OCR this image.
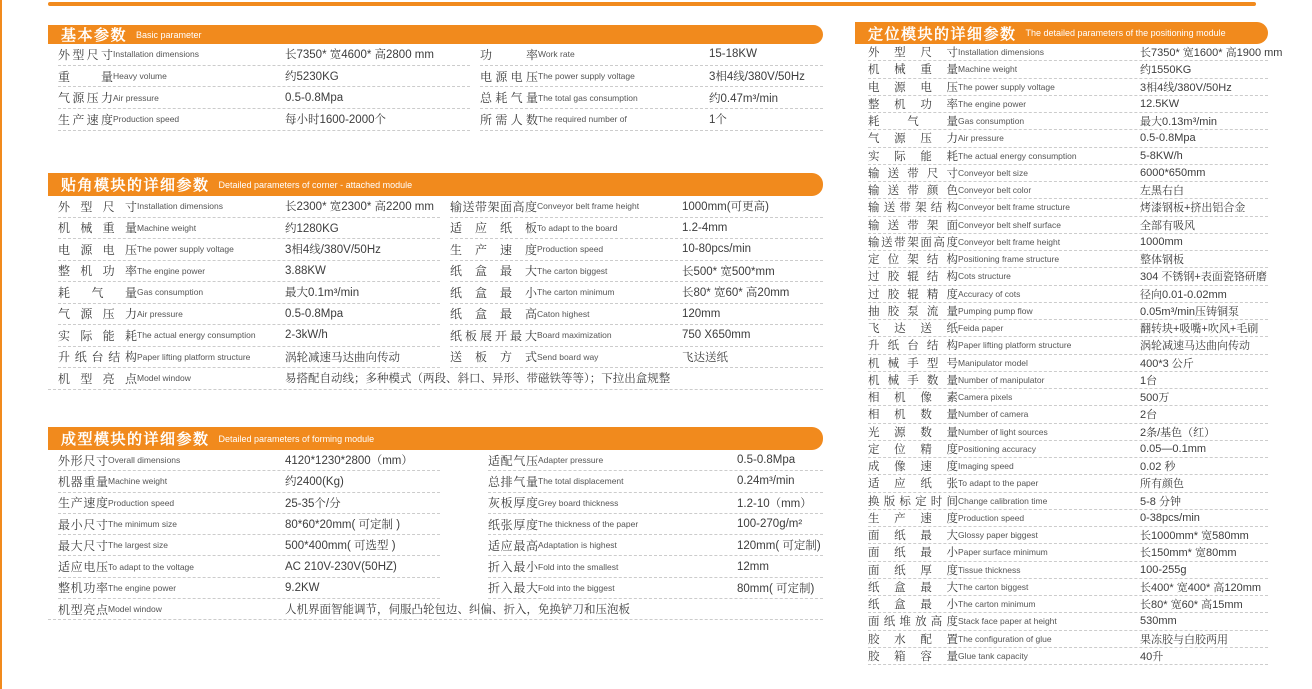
基本参数 Basic parameter
外型尺寸 Installation dimensions	长7350* 宽4600* 高2800 mm
重量 Heavy volume	约5230KG
气源压力 Air pressure	0.5-0.8Mpa
生产速度 Production speed	每小时1600-2000个
功率 Work rate	15-18KW
电源电压 The power supply voltage	3相4线/380V/50Hz
总耗气量 The total gas consumption	约0.47m³/min
所需人数 The required number of	1个
贴角模块的详细参数 Detailed parameters of corner - attached module
外型尺寸 Installation dimensions	长2300* 宽2300* 高2200 mm
机械重量 Machine weight	约1280KG
电源电压 The power supply voltage	3相4线/380V/50Hz
整机功率 The engine power	3.88KW
耗气量 Gas consumption	最大0.1m³/min
气源压力 Air pressure	0.5-0.8Mpa
实际能耗 The actual energy consumption	2-3kW/h
升纸台结构 Paper lifting platform structure	涡轮减速马达曲向传动
输送带架面高度 Conveyor belt frame height	1000mm(可更高)
适应纸板 To adapt to the board	1.2-4mm
生产速度 Production speed	10-80pcs/min
纸盒最大 The carton biggest	长500* 宽500*mm
纸盒最小 The carton minimum	长80* 宽60* 高20mm
纸盒最高 Caton highest	120mm
纸板展开最大 Board maximization	750 X650mm
送板方式 Send board way	飞达送纸
机型亮点 Model window	易搭配自动线；多种模式（两段、斜口、异形、带磁铁等等）；下拉出盒规整
成型模块的详细参数 Detailed parameters of forming module
外形尺寸 Overall dimensions	4120*1230*2800（mm）
机器重量 Machine weight	约2400(Kg)
生产速度 Production speed	25-35个/分
最小尺寸 The minimum size	80*60*20mm( 可定制 )
最大尺寸 The largest size	500*400mm( 可选型 )
适应电压 To adapt to the voltage	AC 210V-230V(50HZ)
整机功率 The engine power	9.2KW
适配气压 Adapter pressure	0.5-0.8Mpa
总排气量 The total displacement	0.24m³/min
灰板厚度 Grey board thickness	1.2-10（mm）
纸张厚度 The thickness of the paper	100-270g/m²
适应最高 Adaptation is highest	120mm( 可定制)
折入最小 Fold into the smallest	12mm
折入最大 Fold into the biggest	80mm( 可定制)
机型亮点 Model window	人机界面智能调节，伺服凸轮包边、纠偏、折入，免换铲刀和压泡板
定位模块的详细参数 The detailed parameters of the positioning module
外型尺寸 Installation dimensions	长7350* 宽1600* 高1900 mm
机械重量 Machine weight	约1550KG
电源电压 The power supply voltage	3相4线/380V/50Hz
整机功率 The engine power	12.5KW
耗气量 Gas consumption	最大0.13m³/min
气源压力 Air pressure	0.5-0.8Mpa
实际能耗 The actual energy consumption	5-8KW/h
输送带尺寸 Conveyor belt size	6000*650mm
输送带颜色 Conveyor belt color	左黑右白
输送带架结构 Conveyor belt frame structure	烤漆钢板+挤出铝合金
输送带架面 Conveyor belt shelf surface	全部有吸风
输送带架面高度 Conveyor belt frame height	1000mm
定位架结构 Positioning frame structure	整体钢板
过胶辊结构 Cots structure	304 不锈钢+表面瓷铬研磨
过胶辊精度 Accuracy of cots	径向0.01-0.02mm
抽胶泵流量 Pumping pump flow	0.05m³/min压铸铜泵
飞达送纸 Feida paper	翻转块+吸嘴+吹风+毛刷
升纸台结构 Paper lifting platform structure	涡轮减速马达曲向传动
机械手型号 Manipulator model	400*3 公斤
机械手数量 Number of manipulator	1台
相机像素 Camera pixels	500万
相机数量 Number of camera	2台
光源数量 Number of light sources	2条/基色（红）
定位精度 Positioning accuracy	0.05—0.1mm
成像速度 Imaging speed	0.02 秒
适应纸张 To adapt to the paper	所有颜色
换版标定时间 Change calibration time	5-8 分钟
生产速度 Production speed	0-38pcs/min
面纸最大 Glossy paper biggest	长1000mm* 宽580mm
面纸最小 Paper surface minimum	长150mm* 宽80mm
面纸厚度 Tissue thickness	100-255g
纸盒最大 The carton biggest	长400* 宽400* 高120mm
纸盒最小 The carton minimum	长80* 宽60* 高15mm
面纸堆放高度 Stack face paper at height	530mm
胶水配置 The configuration of glue	果冻胶与白胶两用
胶箱容量 Glue tank capacity	40升
